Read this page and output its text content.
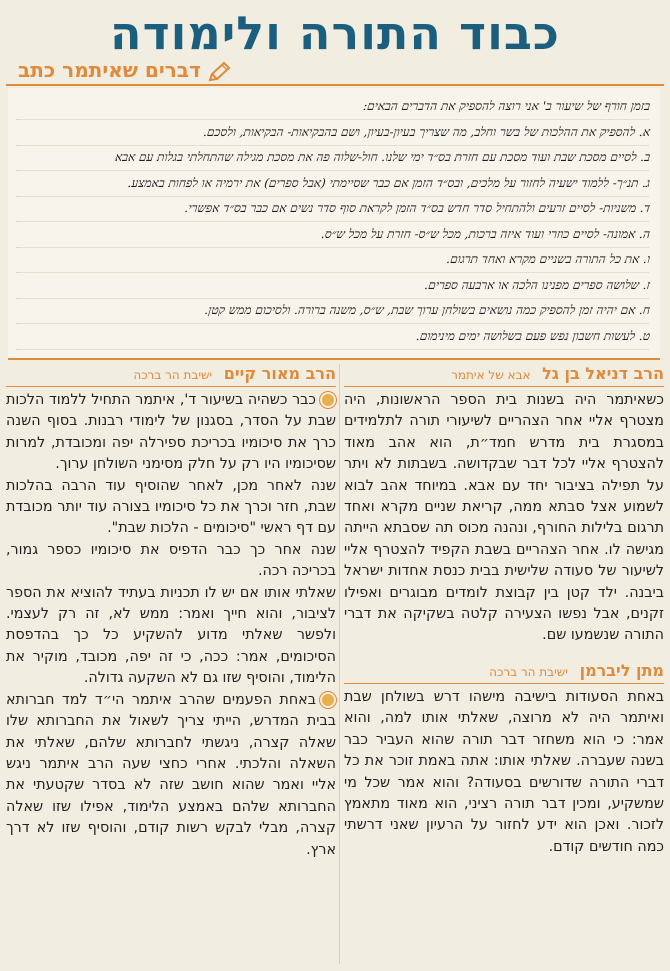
כבוד התורה ולימודה
דברים שאיתמר כתב
בזמן חורף של שיעור ב' אני רוצה להספיק את הדברים הבאים:
א. להספיק את ההלכות של בשר וחלב, מה שצריך בעיון-בעיון, ושם בהבקיאות- הבקיאות, ולסכם.
ב. לסיים מסכת שבת ועוד מסכת עם חזרת בס״ד ימי שלנו. חול-שלוה פה את מסכת מגילה שהתחלתי בגלות עם אבא
ג. תנ״ך- ללמוד ישעיה לחזור על מלכים, ובס״ד הזמן אם כבר שסיימתי (אבל ספרים) את ירמיה או לפחות באמצע.
ד. משניות- לסיים זרעים ולהתחיל סדר חדש בס״ד הזמן לקראת סוף סדר נשים אם כבר בס״ד אפשרי.
ה. אמונה- לסיים כוזרי ועוד איזה ברכות, מכל ש״ס- חזרת על מכל ש״ס.
ו. את כל התורה בשניים מקרא ואחד תרגום.
ז. שלושה ספרים מפנינו הלכה או ארבעה ספרים.
ח. אם יהיה זמן להספיק כמה נושאים בשולחן ערוך שבת, ש״ס, משנה ברורה. ולסיכום ממש קטן.
ט. לעשות חשבון נפש פעם בשלושה ימים מינימום.
הרב דניאל בן גל אבא של איתמר

כשאיתמר היה בשנות בית הספר הראשונות, היה מצטרף אליי אחר הצהריים לשיעורי תורה לתלמידים במסגרת בית מדרש חמד״ת, הוא אהב מאוד להצטרף אליי לכל דבר שבקדושה. בשבתות לא ויתר על תפילה בציבור יחד עם אבא. במיוחד אהב לבוא לשמוע אצל סבתא ממה, קריאת שניים מקרא ואחד תרגום בלילות החורף, ונהנה מכוס תה שסבתא הייתה מגישה לו. אחר הצהריים בשבת הקפיד להצטרף אליי לשיעור של סעודה שלישית בבית כנסת אחדות ישראל ביבנה. ילד קטן בין קבוצת לומדים מבוגרים ואפילו זקנים, אבל נפשו הצעירה קלטה בשקיקה את דברי התורה שנשמעו שם.

מתן ליברמן ישיבת הר ברכה

באחת הסעודות בישיבה מישהו דרש בשולחן שבת ואיתמר היה לא מרוצה, שאלתי אותו למה, והוא אמר: כי הוא משחזר דבר תורה שהוא העביר כבר בשנה שעברה. שאלתי אותו: אתה באמת זוכר את כל דברי התורה שדורשים בסעודה? והוא אמר שכל מי שמשקיע, ומכין דבר תורה רציני, הוא מאוד מתאמץ לזכור. ואכן הוא ידע לחזור על הרעיון שאני דרשתי כמה חודשים קודם.

הרב מאור קיים ישיבת הר ברכה

כבר כשהיה בשיעור ד', איתמר התחיל ללמוד הלכות שבת על הסדר, בסגנון של לימודי רבנות. בסוף השנה כרך את סיכומיו בכריכת ספירלה יפה ומכובדת, למרות שסיכומיו היו רק על חלק מסימני השולחן ערוך.

שנה לאחר מכן, לאחר שהוסיף עוד הרבה בהלכות שבת, חזר וכרך את כל סיכומיו בצורה עוד יותר מכובדת עם דף ראשי "סיכומים - הלכות שבת".

שנה אחר כך כבר הדפיס את סיכומיו כספר גמור, בכריכה רכה.

שאלתי אותו אם יש לו תכניות בעתיד להוציא את הספר לציבור, והוא חייך ואמר: ממש לא, זה רק לעצמי. ולפשר שאלתי מדוע להשקיע כל כך בהדפסת הסיכומים, אמר: ככה, כי זה יפה, מכובד, מוקיר את הלימוד, והוסיף שזו גם לא השקעה גדולה.

באחת הפעמים שהרב איתמר הי״ד למד חברותא בבית המדרש, הייתי צריך לשאול את החברותא שלו שאלה קצרה, ניגשתי לחברותא שלהם, שאלתי את השאלה והלכתי. אחרי כחצי שעה הרב איתמר ניגש אליי ואמר שהוא חושב שזה לא בסדר שקטעתי את החברותא שלהם באמצע הלימוד, אפילו שזו שאלה קצרה, מבלי לבקש רשות קודם, והוסיף שזו לא דרך ארץ.
